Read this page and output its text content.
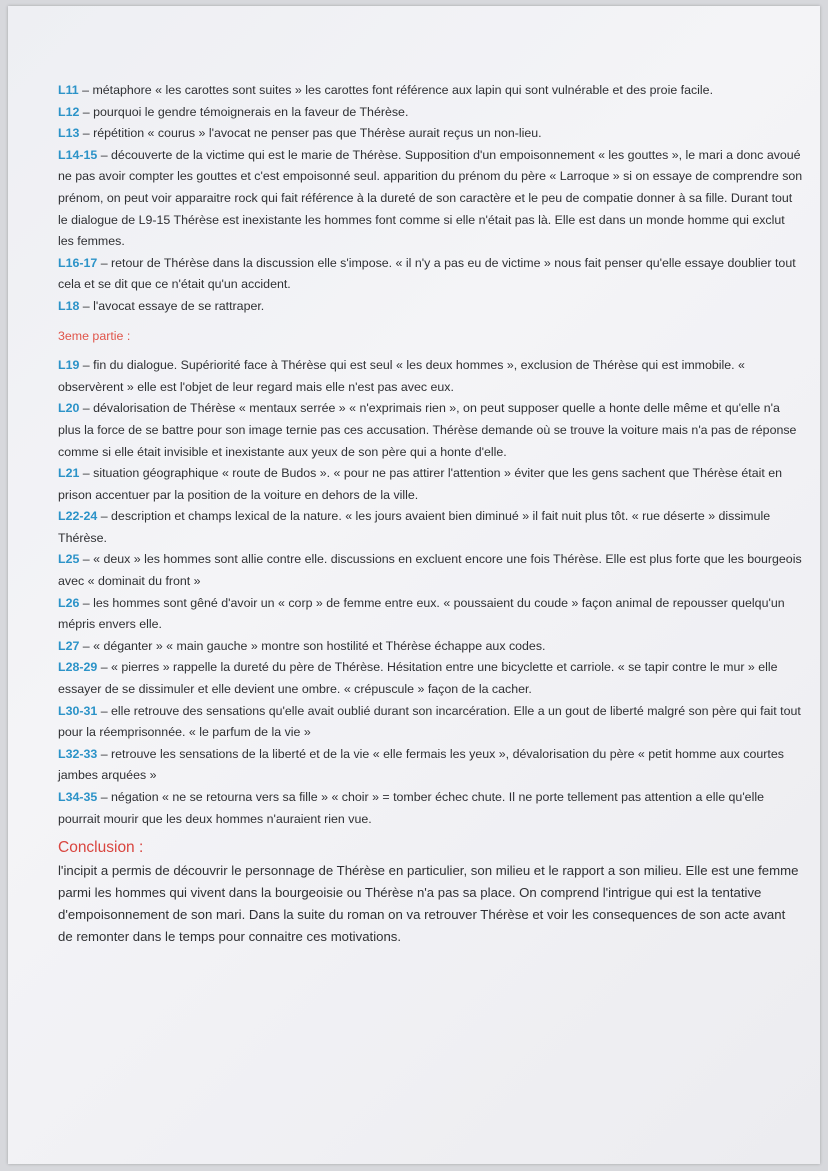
L11 – métaphore « les carottes sont suites » les carottes font référence aux lapin qui sont vulnérable et des proie facile.

L12 – pourquoi le gendre témoignerais en la faveur de Thérèse.

L13 – répétition « courus » l'avocat ne penser pas que Thérèse aurait reçus un non-lieu.

L14-15 – découverte de la victime qui est le marie de Thérèse. Supposition d'un empoisonnement « les gouttes », le mari a donc avoué ne pas avoir compter les gouttes et c'est empoisonné seul. apparition du prénom du père « Larroque » si on essaye de comprendre son prénom, on peut voir apparaitre rock qui fait référence à la dureté de son caractère et le peu de compatie donner à sa fille. Durant tout le dialogue de L9-15 Thérèse est inexistante les hommes font comme si elle n'était pas là. Elle est dans un monde homme qui exclut les femmes.

L16-17 – retour de Thérèse dans la discussion elle s'impose. « il n'y a pas eu de victime » nous fait penser qu'elle essaye doublier tout cela et se dit que ce n'était qu'un accident.

L18 – l'avocat essaye de se rattraper.

3eme partie :

L19 – fin du dialogue. Supériorité face à Thérèse qui est seul « les deux hommes », exclusion de Thérèse qui est immobile. « observèrent » elle est l'objet de leur regard mais elle n'est pas avec eux.

L20 – dévalorisation de Thérèse « mentaux serrée » « n'exprimais rien », on peut supposer quelle a honte delle même et qu'elle n'a plus la force de se battre pour son image ternie pas ces accusation. Thérèse demande où se trouve la voiture mais n'a pas de réponse comme si elle était invisible et inexistante aux yeux de son père qui a honte d'elle.

L21 – situation géographique « route de Budos ». « pour ne pas attirer l'attention » éviter que les gens sachent que Thérèse était en prison accentuer par la position de la voiture en dehors de la ville.

L22-24 – description et champs lexical de la nature. « les jours avaient bien diminué » il fait nuit plus tôt. « rue déserte » dissimule Thérèse.

L25 – « deux » les hommes sont allie contre elle. discussions en excluent encore une fois Thérèse. Elle est plus forte que les bourgeois avec « dominait du front »

L26 – les hommes sont gêné d'avoir un « corp » de femme entre eux. « poussaient du coude » façon animal de repousser quelqu'un mépris envers elle.

L27 – « déganter » « main gauche » montre son hostilité et Thérèse échappe aux codes.

L28-29 – « pierres » rappelle la dureté du père de Thérèse. Hésitation entre une bicyclette et carriole. « se tapir contre le mur » elle essayer de se dissimuler et elle devient une ombre. « crépuscule » façon de la cacher.

L30-31 – elle retrouve des sensations qu'elle avait oublié durant son incarcération. Elle a un gout de liberté malgré son père qui fait tout pour la réemprisonnée. « le parfum de la vie »

L32-33 – retrouve les sensations de la liberté et de la vie « elle fermais les yeux », dévalorisation du père « petit homme aux courtes jambes arquées »

L34-35 – négation « ne se retourna vers sa fille » « choir » = tomber échec chute. Il ne porte tellement pas attention a elle qu'elle pourrait mourir que les deux hommes n'auraient rien vue.

Conclusion :

l'incipit a permis de découvrir le personnage de Thérèse en particulier, son milieu et le rapport a son milieu. Elle est une femme parmi les hommes qui vivent dans la bourgeoisie ou Thérèse n'a pas sa place. On comprend l'intrigue qui est la tentative d'empoisonnement de son mari. Dans la suite du roman on va retrouver Thérèse et voir les consequences de son acte avant de remonter dans le temps pour connaitre ces motivations.
